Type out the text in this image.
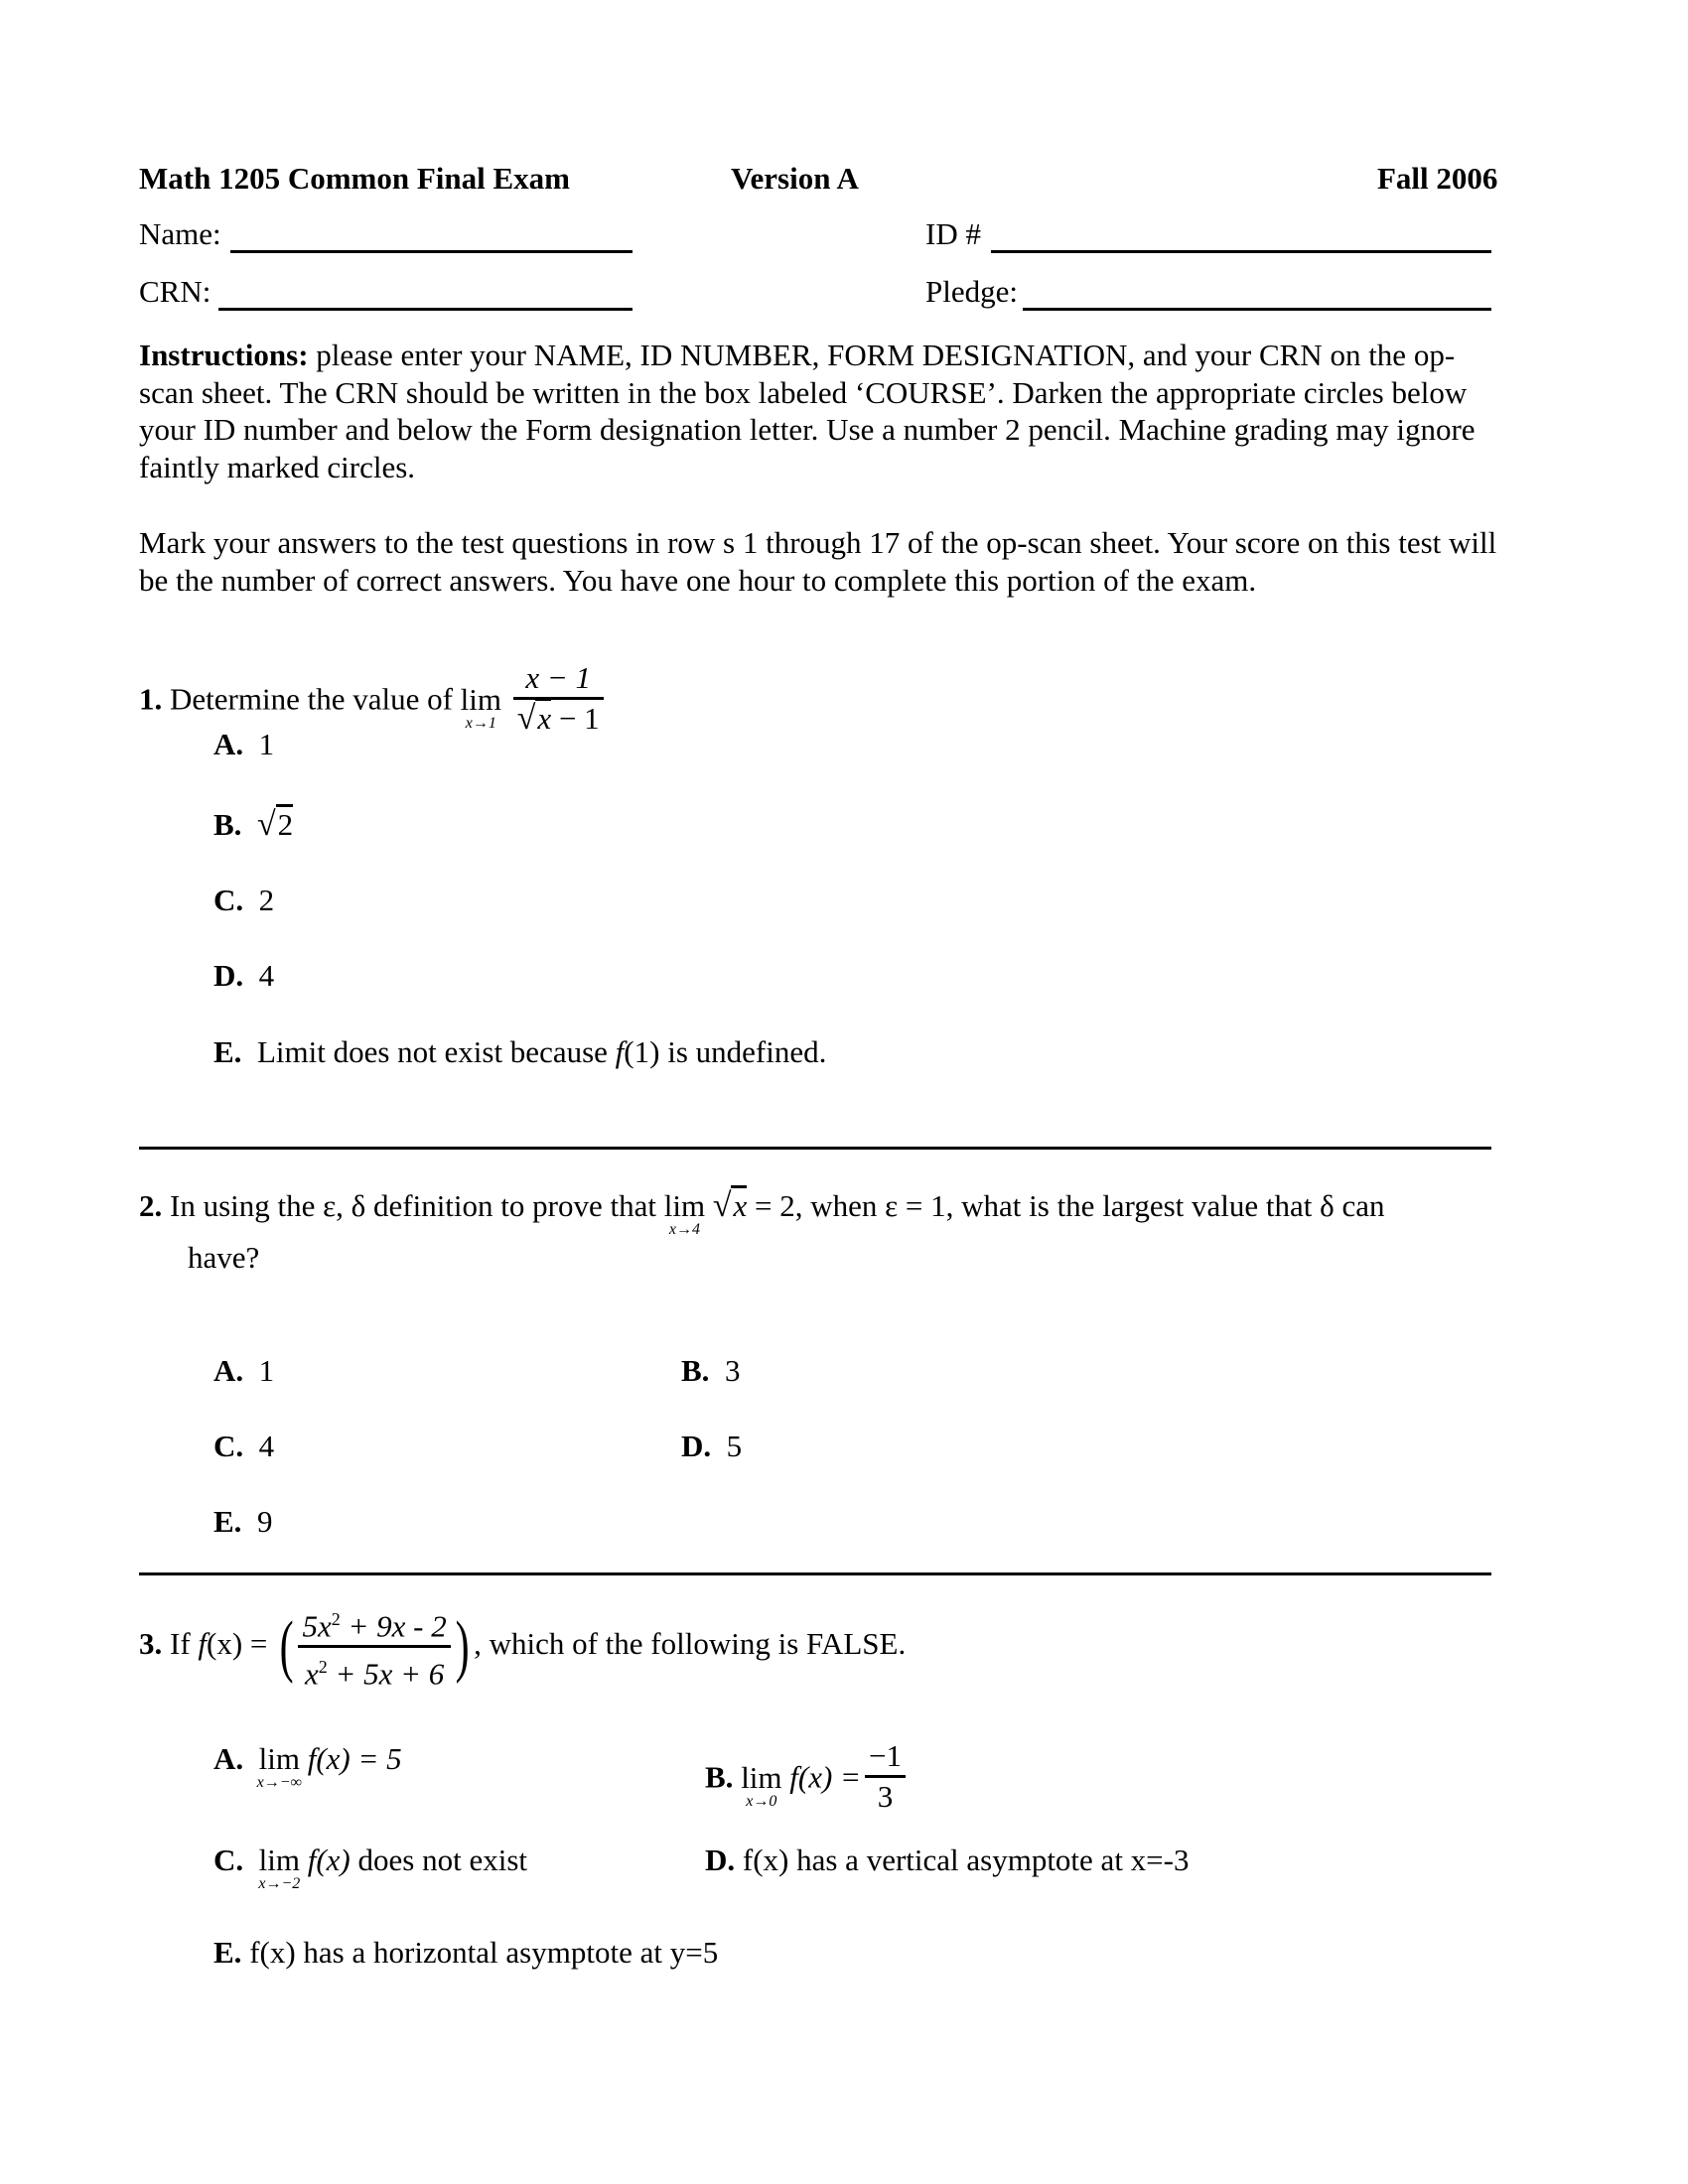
Math 1205 Common Final Exam	Version A	Fall 2006
Name:	ID #
CRN:	Pledge:
Instructions: please enter your NAME, ID NUMBER, FORM DESIGNATION, and your CRN on the op-scan sheet. The CRN should be written in the box labeled ‘COURSE’. Darken the appropriate circles below your ID number and below the Form designation letter. Use a number 2 pencil. Machine grading may ignore faintly marked circles.
Mark your answers to the test questions in row s 1 through 17 of the op-scan sheet. Your score on this test will be the number of correct answers. You have one hour to complete this portion of the exam.
1. Determine the value of lim
x→1
$\frac{x - 1}{√x - 1}$
A. 1
B. √2
C. 2
D. 4
E. Limit does not exist because f(1) is undefined.
2. In using the ε, δ definition to prove that lim
x→4
√x = 2, when ε = 1, what is the largest value that δ can
have?
A. 1	B. 3
C. 4	D. 5
E. 9
3. If f(x) = ( $\frac{5x^2 + 9x - 2}{x^2 + 5x + 6}$ ) , which of the following is FALSE.
A. lim
x→−∞
f(x) = 5
B. lim
x→0
$f(x) = \frac{-1}{3}$
C. lim
x→−2
f(x) does not exist	D. f(x) has a vertical asymptote at x=-3
E. f(x) has a horizontal asymptote at y=5
